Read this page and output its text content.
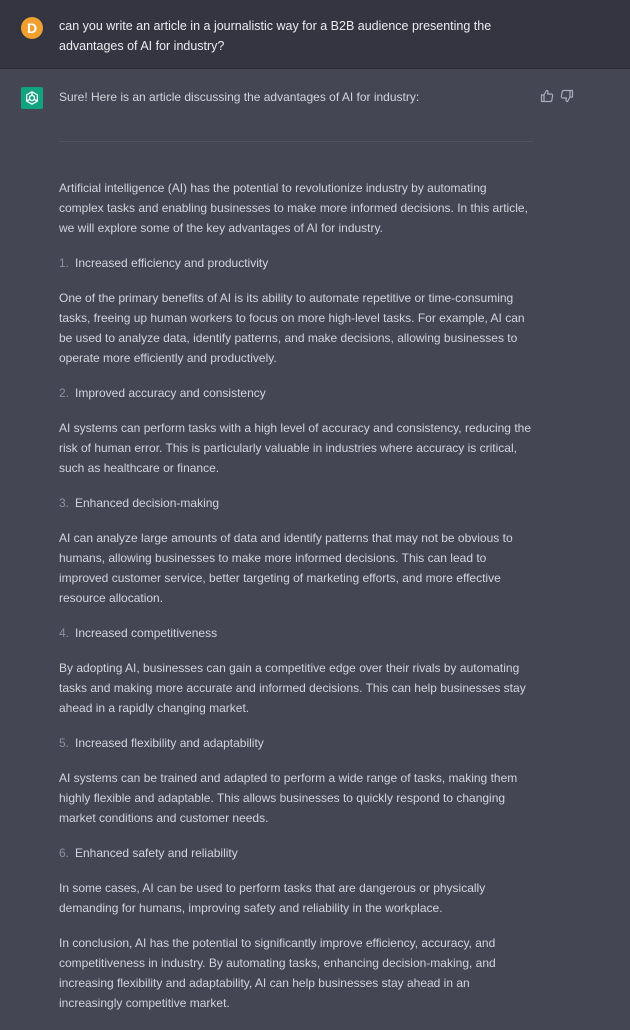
D	can you write an article in a journalistic way for a B2B audience presenting the advantages of AI for industry?

Sure! Here is an article discussing the advantages of AI for industry:

Artificial intelligence (AI) has the potential to revolutionize industry by automating complex tasks and enabling businesses to make more informed decisions. In this article, we will explore some of the key advantages of AI for industry.

1. Increased efficiency and productivity

One of the primary benefits of AI is its ability to automate repetitive or time-consuming tasks, freeing up human workers to focus on more high-level tasks. For example, AI can be used to analyze data, identify patterns, and make decisions, allowing businesses to operate more efficiently and productively.

2. Improved accuracy and consistency

AI systems can perform tasks with a high level of accuracy and consistency, reducing the risk of human error. This is particularly valuable in industries where accuracy is critical, such as healthcare or finance.

3. Enhanced decision-making

AI can analyze large amounts of data and identify patterns that may not be obvious to humans, allowing businesses to make more informed decisions. This can lead to improved customer service, better targeting of marketing efforts, and more effective resource allocation.

4. Increased competitiveness

By adopting AI, businesses can gain a competitive edge over their rivals by automating tasks and making more accurate and informed decisions. This can help businesses stay ahead in a rapidly changing market.

5. Increased flexibility and adaptability

AI systems can be trained and adapted to perform a wide range of tasks, making them highly flexible and adaptable. This allows businesses to quickly respond to changing market conditions and customer needs.

6. Enhanced safety and reliability

In some cases, AI can be used to perform tasks that are dangerous or physically demanding for humans, improving safety and reliability in the workplace.

In conclusion, AI has the potential to significantly improve efficiency, accuracy, and competitiveness in industry. By automating tasks, enhancing decision-making, and increasing flexibility and adaptability, AI can help businesses stay ahead in an increasingly competitive market.
